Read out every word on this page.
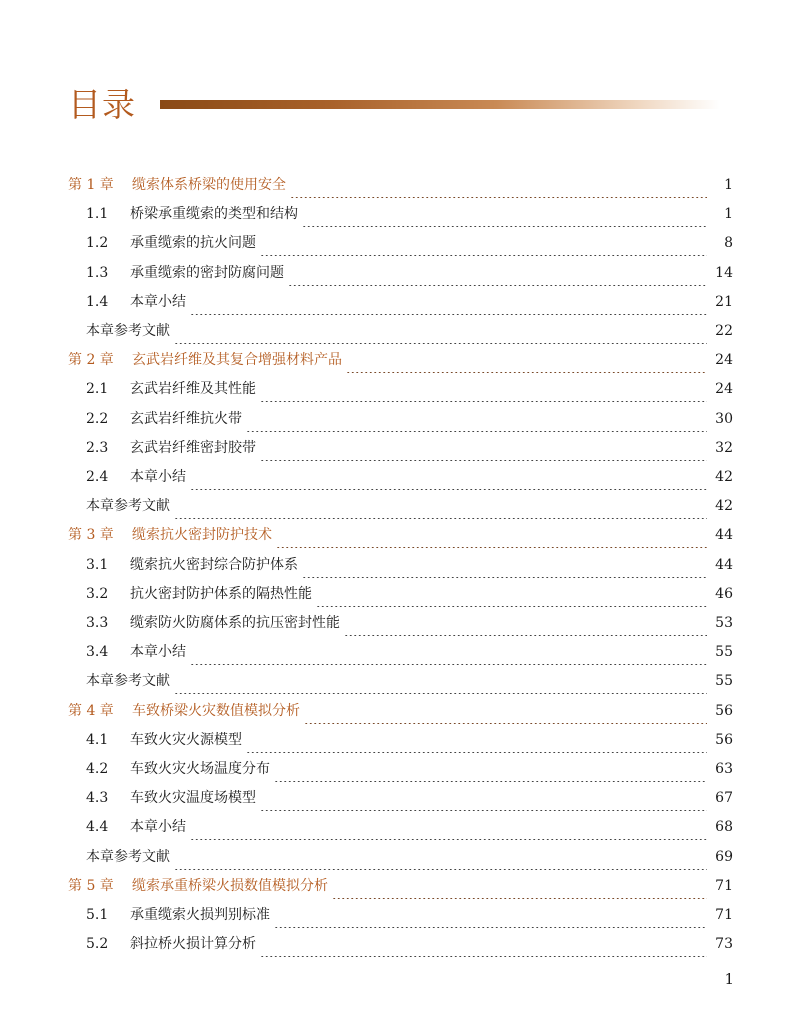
目录
第 1 章	缆索体系桥梁的使用安全	1
1.1	桥梁承重缆索的类型和结构	1
1.2	承重缆索的抗火问题	8
1.3	承重缆索的密封防腐问题	14
1.4	本章小结	21
本章参考文献	22
第 2 章	玄武岩纤维及其复合增强材料产品	24
2.1	玄武岩纤维及其性能	24
2.2	玄武岩纤维抗火带	30
2.3	玄武岩纤维密封胶带	32
2.4	本章小结	42
本章参考文献	42
第 3 章	缆索抗火密封防护技术	44
3.1	缆索抗火密封综合防护体系	44
3.2	抗火密封防护体系的隔热性能	46
3.3	缆索防火防腐体系的抗压密封性能	53
3.4	本章小结	55
本章参考文献	55
第 4 章	车致桥梁火灾数值模拟分析	56
4.1	车致火灾火源模型	56
4.2	车致火灾火场温度分布	63
4.3	车致火灾温度场模型	67
4.4	本章小结	68
本章参考文献	69
第 5 章	缆索承重桥梁火损数值模拟分析	71
5.1	承重缆索火损判别标准	71
5.2	斜拉桥火损计算分析	73
1
